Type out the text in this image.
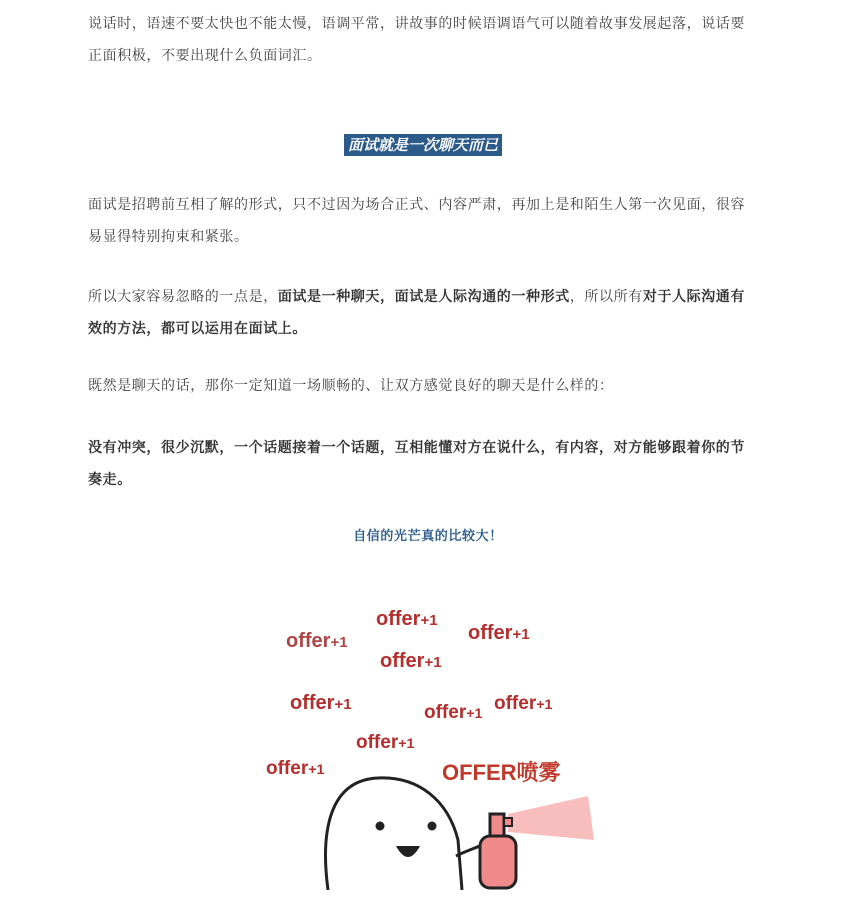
说话时，语速不要太快也不能太慢，语调平常，讲故事的时候语调语气可以随着故事发展起落，说话要
正面积极，不要出现什么负面词汇。

面试就是一次聊天而已

面试是招聘前互相了解的形式，只不过因为场合正式、内容严肃，再加上是和陌生人第一次见面，很容
易显得特别拘束和紧张。

所以大家容易忽略的一点是，面试是一种聊天，面试是人际沟通的一种形式，所以所有对于人际沟通有
效的方法，都可以运用在面试上。

既然是聊天的话，那你一定知道一场顺畅的、让双方感觉良好的聊天是什么样的：

没有冲突，很少沉默，一个话题接着一个话题，互相能懂对方在说什么，有内容，对方能够跟着你的节
奏走。

自信的光芒真的比较大！
offer+1
offer+1
offer+1
offer+1
offer+1	offer+1 offer+1
offer+1
offer+1	OFFER喷雾
